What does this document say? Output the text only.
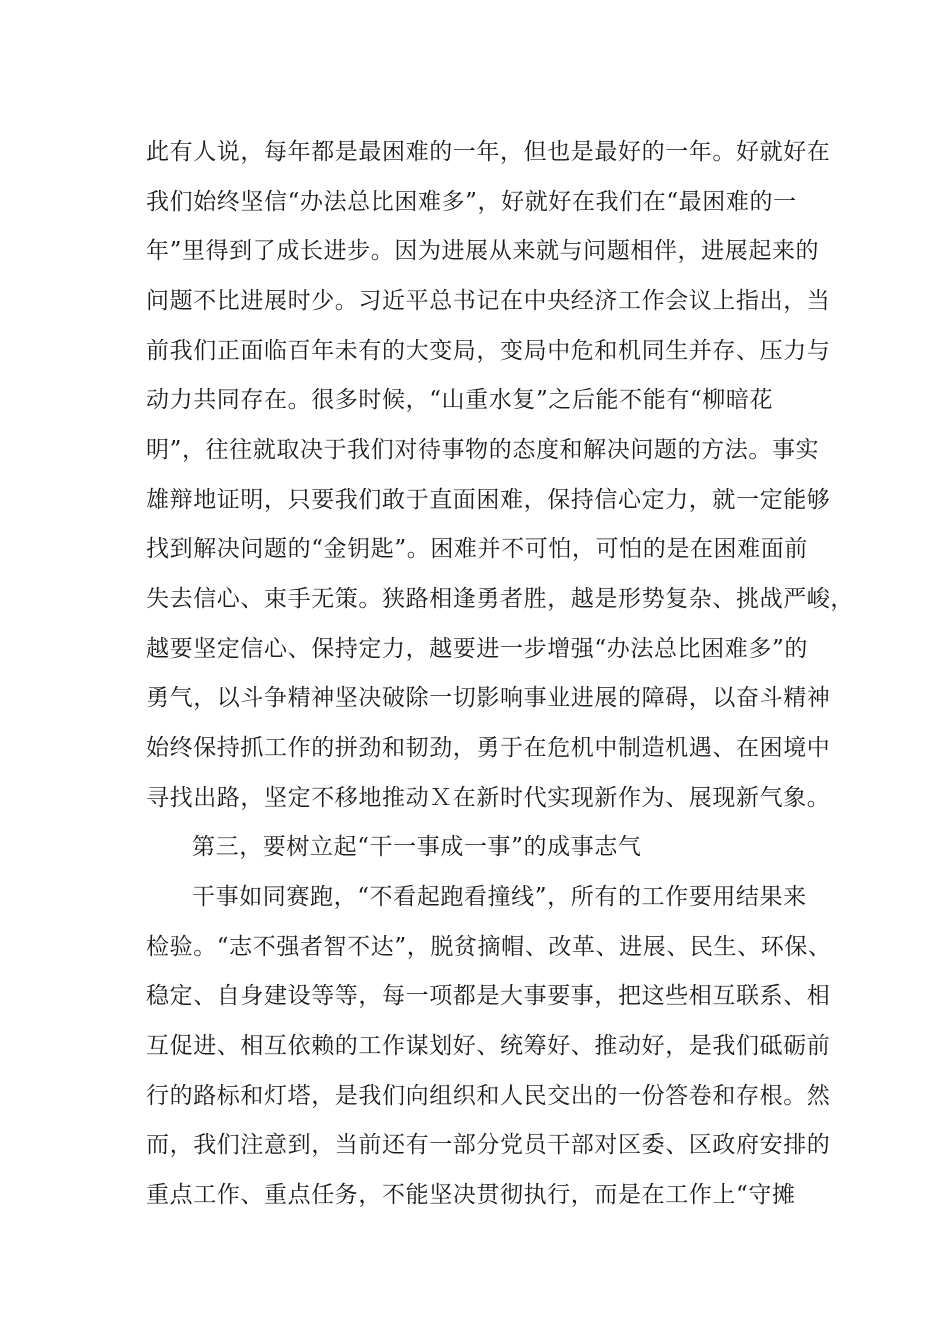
此有人说，每年都是最困难的一年，但也是最好的一年。好就好在
我们始终坚信“办法总比困难多”，好就好在我们在“最困难的一
年”里得到了成长进步。因为进展从来就与问题相伴，进展起来的
问题不比进展时少。习近平总书记在中央经济工作会议上指出，当
前我们正面临百年未有的大变局，变局中危和机同生并存、压力与
动力共同存在。很多时候，“山重水复”之后能不能有“柳暗花
明”，往往就取决于我们对待事物的态度和解决问题的方法。事实
雄辩地证明，只要我们敢于直面困难，保持信心定力，就一定能够
找到解决问题的“金钥匙”。困难并不可怕，可怕的是在困难面前
失去信心、束手无策。狭路相逢勇者胜，越是形势复杂、挑战严峻，
越要坚定信心、保持定力，越要进一步增强“办法总比困难多”的
勇气，以斗争精神坚决破除一切影响事业进展的障碍，以奋斗精神
始终保持抓工作的拼劲和韧劲，勇于在危机中制造机遇、在困境中
寻找出路，坚定不移地推动Ｘ在新时代实现新作为、展现新气象。
第三，要树立起“干一事成一事”的成事志气
干事如同赛跑，“不看起跑看撞线”，所有的工作要用结果来
检验。“志不强者智不达”，脱贫摘帽、改革、进展、民生、环保、
稳定、自身建设等等，每一项都是大事要事，把这些相互联系、相
互促进、相互依赖的工作谋划好、统筹好、推动好，是我们砥砺前
行的路标和灯塔，是我们向组织和人民交出的一份答卷和存根。然
而，我们注意到，当前还有一部分党员干部对区委、区政府安排的
重点工作、重点任务，不能坚决贯彻执行，而是在工作上“守摊
